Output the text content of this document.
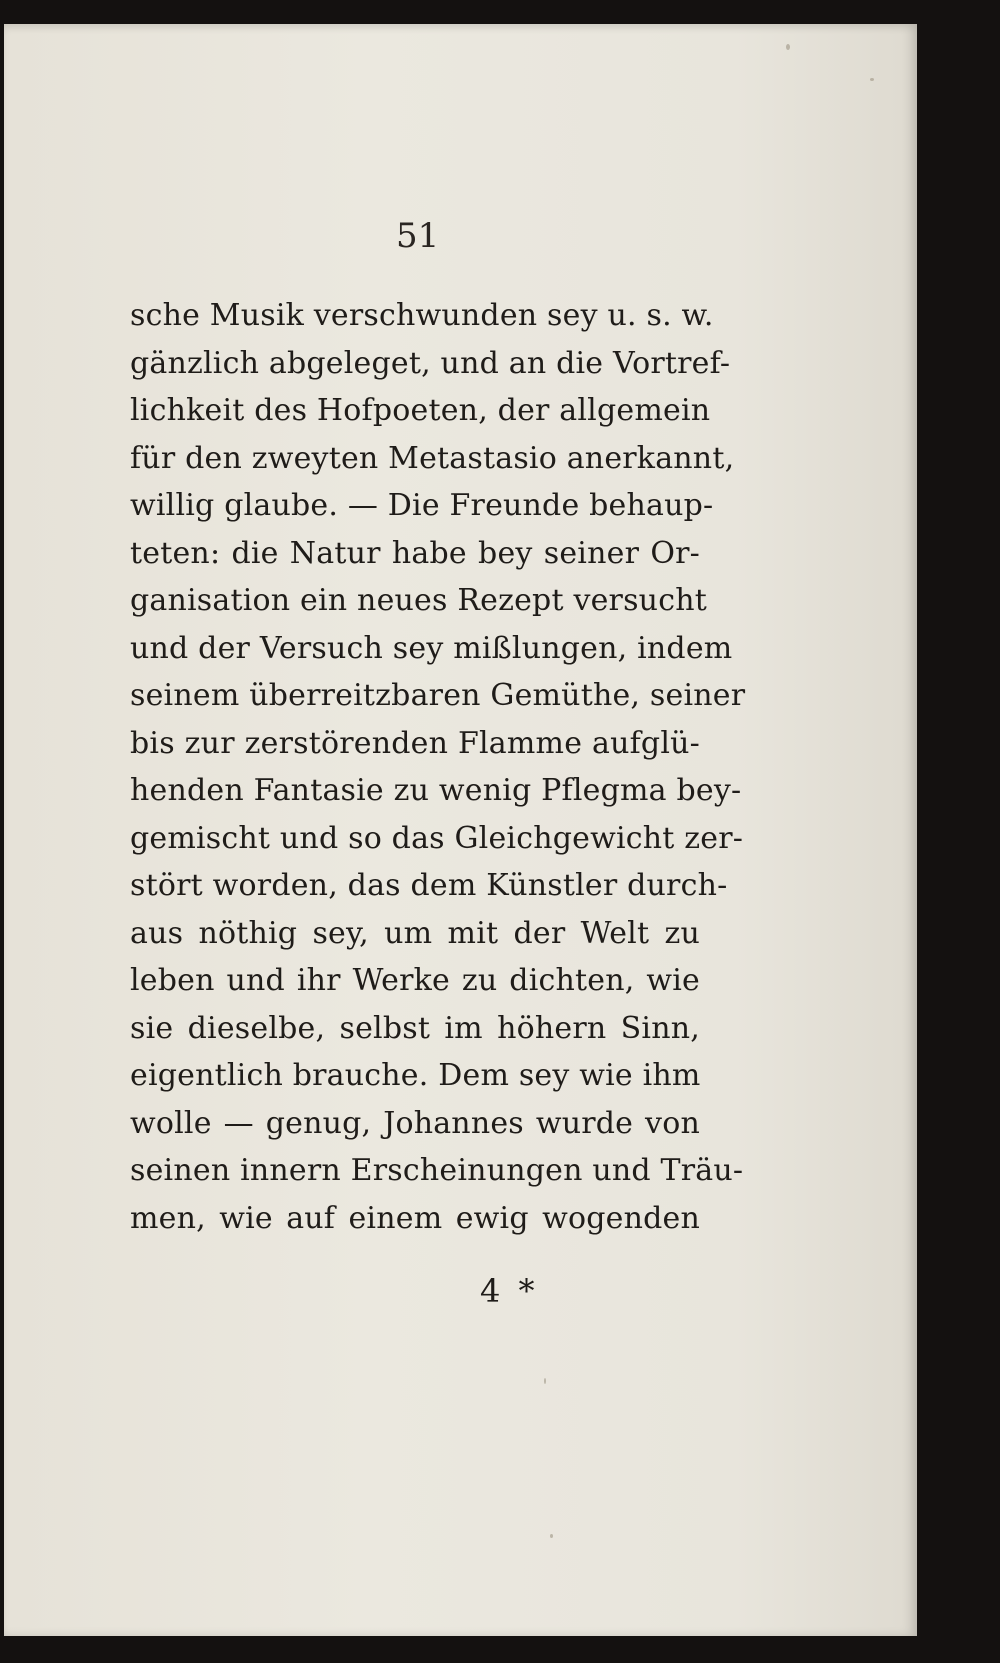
51
sche Musik verschwunden sey u. s. w.
gänzlich abgeleget, und an die Vortref-
lichkeit des Hofpoeten, der allgemein
für den zweyten Metastasio anerkannt,
willig glaube. — Die Freunde behaup-
teten: die Natur habe bey seiner Or-
ganisation ein neues Rezept versucht
und der Versuch sey mißlungen, indem
seinem überreitzbaren Gemüthe, seiner
bis zur zerstörenden Flamme aufglü-
henden Fantasie zu wenig Pflegma bey-
gemischt und so das Gleichgewicht zer-
stört worden, das dem Künstler durch-
aus nöthig sey, um mit der Welt zu
leben und ihr Werke zu dichten, wie
sie dieselbe, selbst im höhern Sinn,
eigentlich brauche. Dem sey wie ihm
wolle — genug, Johannes wurde von
seinen innern Erscheinungen und Träu-
men, wie auf einem ewig wogenden
4 *
